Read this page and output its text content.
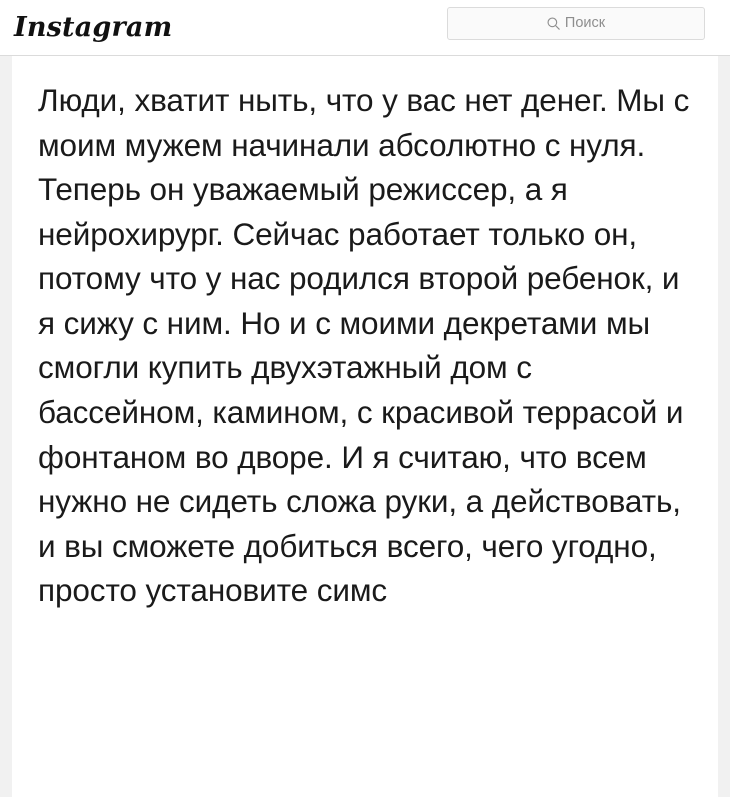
Instagram	Поиск

Люди, хватит ныть, что у вас нет денег. Мы с моим мужем начинали абсолютно с нуля. Теперь он уважаемый режиссер, а я нейрохирург. Сейчас работает только он, потому что у нас родился второй ребенок, и я сижу с ним. Но и с моими декретами мы смогли купить двухэтажный дом с бассейном, камином, с красивой террасой и фонтаном во дворе. И я считаю, что всем нужно не сидеть сложа руки, а действовать, и вы сможете добиться всего, чего угодно, просто установите симс
